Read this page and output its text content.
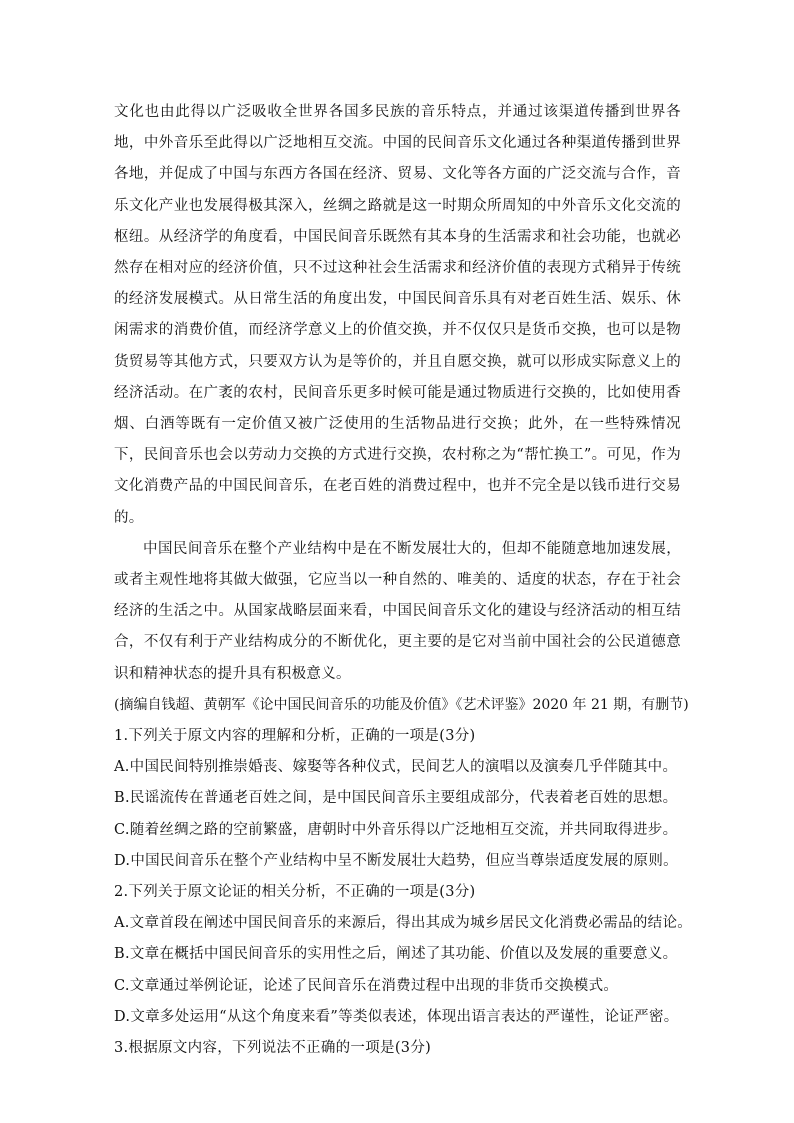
文化也由此得以广泛吸收全世界各国多民族的音乐特点，并通过该渠道传播到世界各地，中外音乐至此得以广泛地相互交流。中国的民间音乐文化通过各种渠道传播到世界各地，并促成了中国与东西方各国在经济、贸易、文化等各方面的广泛交流与合作，音乐文化产业也发展得极其深入，丝绸之路就是这一时期众所周知的中外音乐文化交流的枢纽。从经济学的角度看，中国民间音乐既然有其本身的生活需求和社会功能，也就必然存在相对应的经济价值，只不过这种社会生活需求和经济价值的表现方式稍异于传统的经济发展模式。从日常生活的角度出发，中国民间音乐具有对老百姓生活、娱乐、休闲需求的消费价值，而经济学意义上的价值交换，并不仅仅只是货币交换，也可以是物货贸易等其他方式，只要双方认为是等价的，并且自愿交换，就可以形成实际意义上的经济活动。在广袤的农村，民间音乐更多时候可能是通过物质进行交换的，比如使用香烟、白酒等既有一定价值又被广泛使用的生活物品进行交换；此外，在一些特殊情况下，民间音乐也会以劳动力交换的方式进行交换，农村称之为“帮忙换工”。可见，作为文化消费产品的中国民间音乐，在老百姓的消费过程中，也并不完全是以钱币进行交易的。

中国民间音乐在整个产业结构中是在不断发展壮大的，但却不能随意地加速发展，或者主观性地将其做大做强，它应当以一种自然的、唯美的、适度的状态，存在于社会经济的生活之中。从国家战略层面来看，中国民间音乐文化的建设与经济活动的相互结合，不仅有利于产业结构成分的不断优化，更主要的是它对当前中国社会的公民道德意识和精神状态的提升具有积极意义。

(摘编自钱超、黄朝军《论中国民间音乐的功能及价值》《艺术评鉴》2020 年 21 期，有删节)

1.下列关于原文内容的理解和分析，正确的一项是(3分)

A.中国民间特别推崇婚丧、嫁娶等各种仪式，民间艺人的演唱以及演奏几乎伴随其中。

B.民谣流传在普通老百姓之间，是中国民间音乐主要组成部分，代表着老百姓的思想。

C.随着丝绸之路的空前繁盛，唐朝时中外音乐得以广泛地相互交流，并共同取得进步。

D.中国民间音乐在整个产业结构中呈不断发展壮大趋势，但应当尊崇适度发展的原则。

2.下列关于原文论证的相关分析，不正确的一项是(3分)

A.文章首段在阐述中国民间音乐的来源后，得出其成为城乡居民文化消费必需品的结论。

B.文章在概括中国民间音乐的实用性之后，阐述了其功能、价值以及发展的重要意义。

C.文章通过举例论证，论述了民间音乐在消费过程中出现的非货币交换模式。

D.文章多处运用“从这个角度来看”等类似表述，体现出语言表达的严谨性，论证严密。

3.根据原文内容，下列说法不正确的一项是(3分)
